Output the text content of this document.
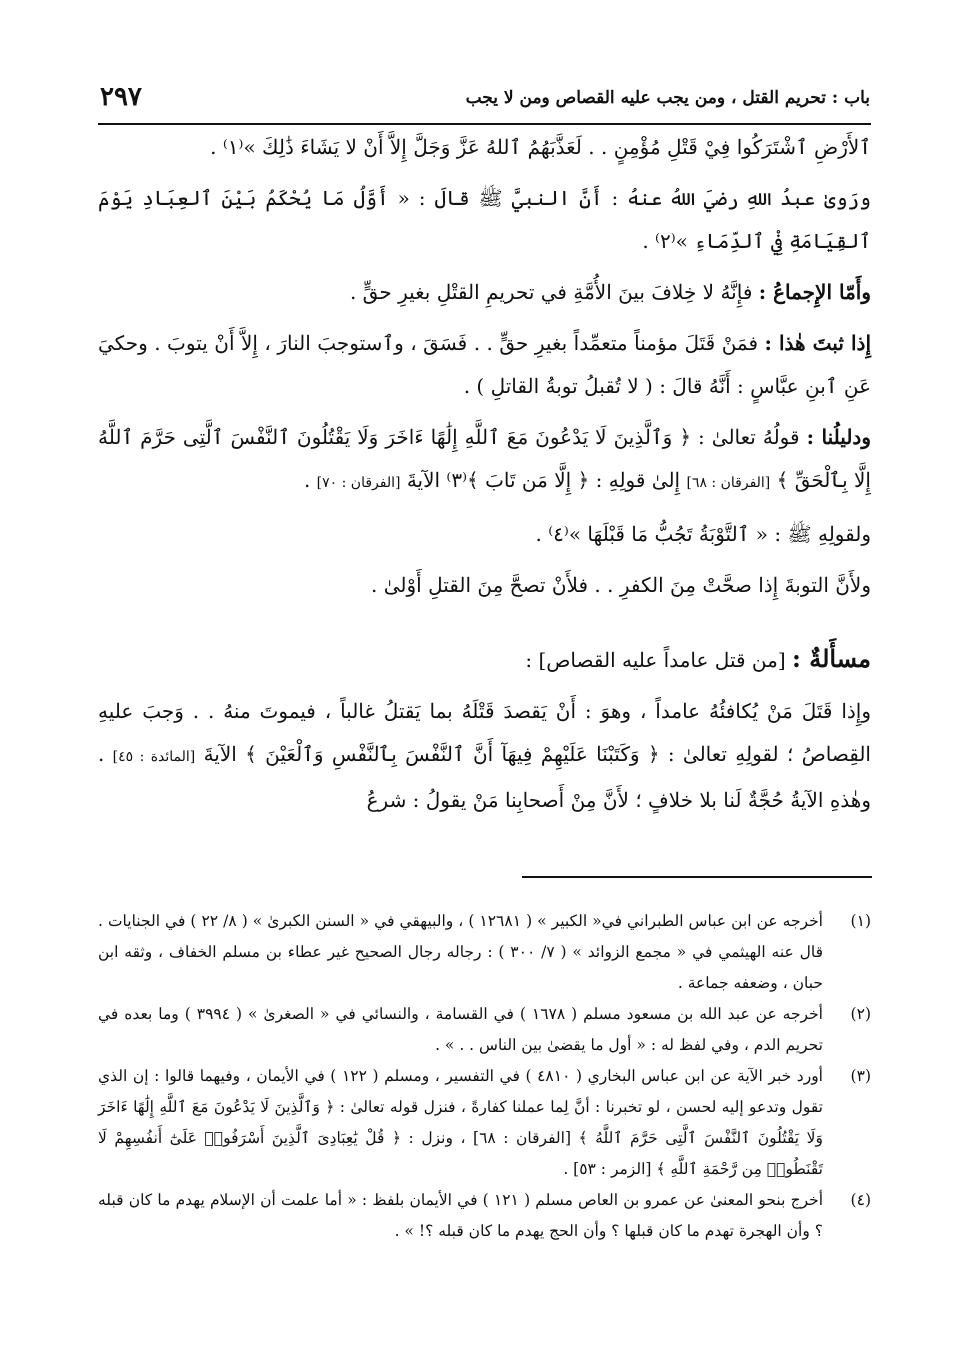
باب : تحريم القتل ، ومن يجب عليه القصاص ومن لا يجب
٢٩٧

ٱلأَرْضِ ٱشْتَرَكُوا فِيْ قَتْلِ مُؤْمِنٍ . . لَعَذَّبَهُمُ ٱللهُ عَزَّ وَجَلَّ إِلاَّ أَنْ لا يَشَاءَ ذَٰلِكَ »⁽١⁾ .

ورَوىٰ عبدُ اللهِ رضيَ اللهُ عنهُ : أَنَّ النبيَّ ﷺ قالَ : « أَوَّلُ مَا يُحْكَمُ بَيْنَ ٱلعِبَادِ يَوْمَ ٱلقِيَامَةِ فِيْ ٱلدِّمَاءِ »⁽٢⁾ .

وأَمّا الإِجماعُ : فإِنَّهُ لا خِلافَ بينَ الأُمَّةِ في تحريمِ القتْلِ بغيرِ حقٍّ .

إِذا ثبتَ هٰذا : فمَنْ قَتَلَ مؤمناً متعمِّداً بغيرِ حقٍّ . . فَسَقَ ، وٱستوجبَ النارَ ، إِلاَّ أَنْ يتوبَ . وحكيَ عَنِ ٱبنِ عبَّاسٍ : أَنَّهُ قالَ : ( لا تُقبلُ توبةُ القاتلِ ) .

ودليلُنا : قولُهُ تعالىٰ : ﴿ وَٱلَّذِينَ لَا يَدْعُونَ مَعَ ٱللَّهِ إِلَٰهًا ءَاخَرَ وَلَا يَقْتُلُونَ ٱلنَّفْسَ ٱلَّتِى حَرَّمَ ٱللَّهُ إِلَّا بِٱلْحَقِّ ﴾ [الفرقان : ٦٨] إِلىٰ قولِهِ : ﴿ إِلَّا مَن تَابَ ﴾⁽٣⁾ الآيةَ [الفرقان : ٧٠] .

ولقولِهِ ﷺ : « ٱلتَّوْبَةُ تَجُبُّ مَا قَبْلَهَا »⁽٤⁾ .

ولأَنَّ التوبةَ إِذا صحَّتْ مِنَ الكفرِ . . فلأَنْ تصحَّ مِنَ القتلِ أَوْلىٰ .

مسأَلةٌ : [من قتل عامداً عليه القصاص] :

وإِذا قَتَلَ مَنْ يُكافئُهُ عامداً ، وهوَ : أَنْ يَقصدَ قَتْلَهُ بما يَقتلُ غالباً ، فيموتَ منهُ . . وَجبَ عليهِ القِصاصُ ؛ لقولِهِ تعالىٰ : ﴿ وَكَتَبْنَا عَلَيْهِمْ فِيهَآ أَنَّ ٱلنَّفْسَ بِٱلنَّفْسِ وَٱلْعَيْنَ ﴾ الآيةَ [المائدة : ٤٥] . وهٰذهِ الآيةُ حُجَّةٌ لَنا بلا خلافٍ ؛ لأَنَّ مِنْ أَصحابِنا مَنْ يقولُ : شرعُ

(١)
أخرجه عن ابن عباس الطبراني في« الكبير » ( ١٢٦٨١ ) ، والبيهقي في « السنن الكبرىٰ » ( ٨/ ٢٢ ) في الجنايات . قال عنه الهيثمي في « مجمع الزوائد » ( ٧/ ٣٠٠ ) : رجاله رجال الصحيح غير عطاء بن مسلم الخفاف ، وثقه ابن حبان ، وضعفه جماعة .

(٢)
أخرجه عن عبد الله بن مسعود مسلم ( ١٦٧٨ ) في القسامة ، والنسائي في « الصغرىٰ » ( ٣٩٩٤ ) وما بعده في تحريم الدم ، وفي لفظ له : « أول ما يقضىٰ بين الناس . . » .

(٣)
أورد خبر الآية عن ابن عباس البخاري ( ٤٨١٠ ) في التفسير ، ومسلم ( ١٢٢ ) في الأيمان ، وفيهما قالوا : إن الذي تقول وتدعو إليه لحسن ، لو تخبرنا : أنَّ لِما عملنا كفارةً ، فنزل قوله تعالىٰ : ﴿ وَٱلَّذِينَ لَا يَدْعُونَ مَعَ ٱللَّهِ إِلَٰهًا ءَاخَرَ وَلَا يَقْتُلُونَ ٱلنَّفْسَ ٱلَّتِى حَرَّمَ ٱللَّهُ ﴾ [الفرقان : ٦٨] ، ونزل : ﴿ قُلْ يَٰعِبَادِىَ ٱلَّذِينَ أَسْرَفُوا۟ عَلَىٰٓ أَنفُسِهِمْ لَا تَقْنَطُوا۟ مِن رَّحْمَةِ ٱللَّهِ ﴾ [الزمر : ٥٣] .

(٤)
أخرج بنحو المعنىٰ عن عمرو بن العاص مسلم ( ١٢١ ) في الأيمان بلفظ : « أما علمت أن الإسلام يهدم ما كان قبله ؟ وأن الهجرة تهدم ما كان قبلها ؟ وأن الحج يهدم ما كان قبله ؟! » .
